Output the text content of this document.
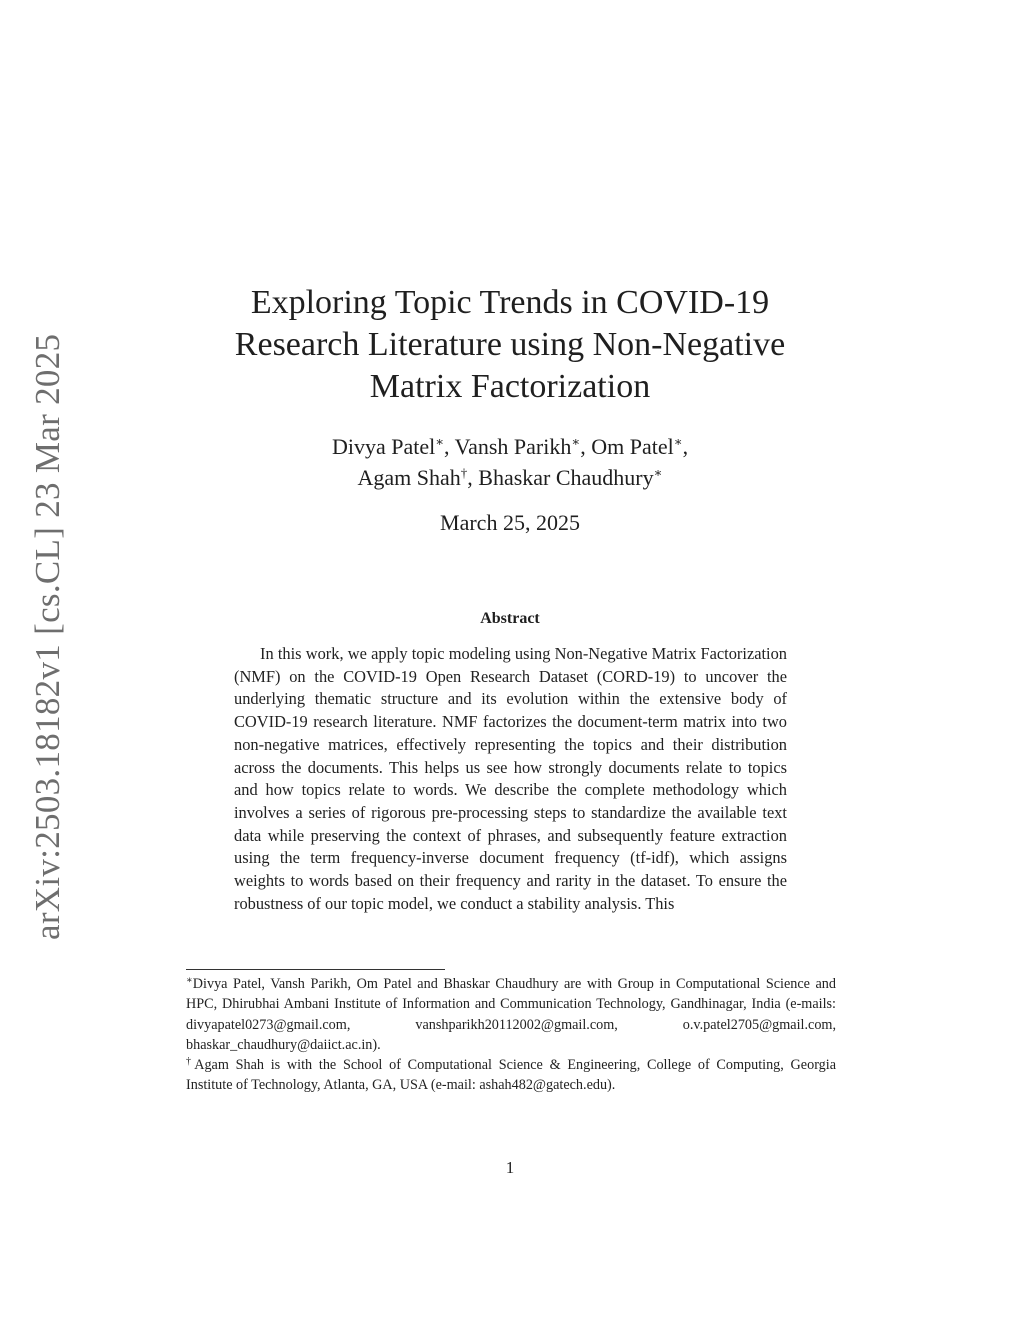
arXiv:2503.18182v1 [cs.CL] 23 Mar 2025
Exploring Topic Trends in COVID-19
Research Literature using Non-Negative
Matrix Factorization
Divya Patel∗, Vansh Parikh∗, Om Patel∗,
Agam Shah†, Bhaskar Chaudhury∗
March 25, 2025
Abstract

In this work, we apply topic modeling using Non-Negative Matrix Factorization (NMF) on the COVID-19 Open Research Dataset (CORD-19) to uncover the underlying thematic structure and its evolution within the extensive body of COVID-19 research literature. NMF factorizes the document-term matrix into two non-negative matrices, effectively representing the topics and their distribution across the documents. This helps us see how strongly documents relate to topics and how topics relate to words. We describe the complete methodology which involves a series of rigorous pre-processing steps to standardize the available text data while preserving the context of phrases, and subsequently feature extraction using the term frequency-inverse document frequency (tf-idf), which assigns weights to words based on their frequency and rarity in the dataset. To ensure the robustness of our topic model, we conduct a stability analysis. This

∗Divya Patel, Vansh Parikh, Om Patel and Bhaskar Chaudhury are with Group in Computational Science and HPC, Dhirubhai Ambani Institute of Information and Communication Technology, Gandhinagar, India (e-mails: divyapatel0273@gmail.com, vanshparikh20112002@gmail.com, o.v.patel2705@gmail.com, bhaskar_chaudhury@daiict.ac.in).

†Agam Shah is with the School of Computational Science & Engineering, College of Computing, Georgia Institute of Technology, Atlanta, GA, USA (e-mail: ashah482@gatech.edu).

1
